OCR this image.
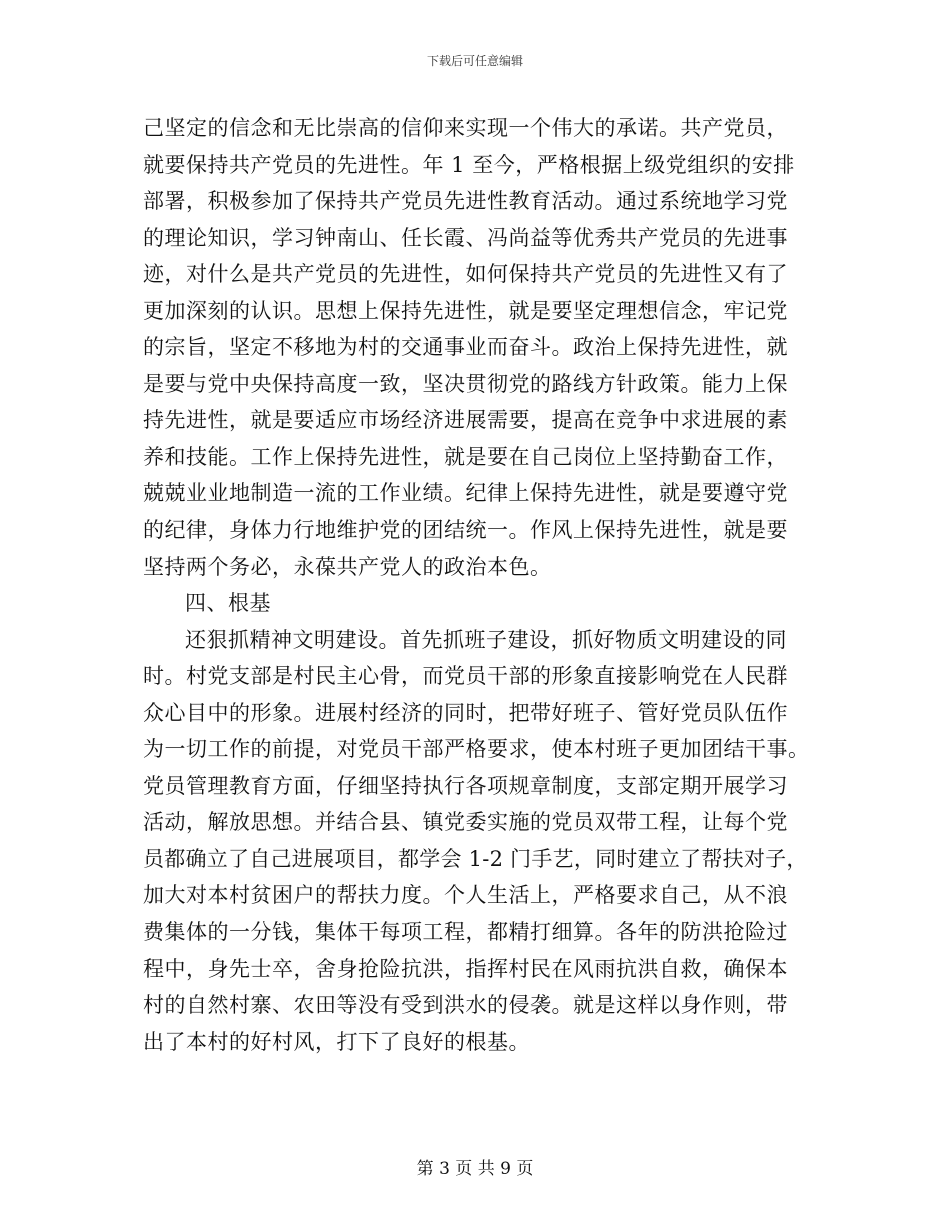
下载后可任意编辑
己坚定的信念和无比崇高的信仰来实现一个伟大的承诺。共产党员，
就要保持共产党员的先进性。年 1 至今，严格根据上级党组织的安排
部署，积极参加了保持共产党员先进性教育活动。通过系统地学习党
的理论知识，学习钟南山、任长霞、冯尚益等优秀共产党员的先进事
迹，对什么是共产党员的先进性，如何保持共产党员的先进性又有了
更加深刻的认识。思想上保持先进性，就是要坚定理想信念，牢记党
的宗旨，坚定不移地为村的交通事业而奋斗。政治上保持先进性，就
是要与党中央保持高度一致，坚决贯彻党的路线方针政策。能力上保
持先进性，就是要适应市场经济进展需要，提高在竞争中求进展的素
养和技能。工作上保持先进性，就是要在自己岗位上坚持勤奋工作，
兢兢业业地制造一流的工作业绩。纪律上保持先进性，就是要遵守党
的纪律，身体力行地维护党的团结统一。作风上保持先进性，就是要
坚持两个务必，永葆共产党人的政治本色。
四、根基
还狠抓精神文明建设。首先抓班子建设，抓好物质文明建设的同
时。村党支部是村民主心骨，而党员干部的形象直接影响党在人民群
众心目中的形象。进展村经济的同时，把带好班子、管好党员队伍作
为一切工作的前提，对党员干部严格要求，使本村班子更加团结干事。
党员管理教育方面，仔细坚持执行各项规章制度，支部定期开展学习
活动，解放思想。并结合县、镇党委实施的党员双带工程，让每个党
员都确立了自己进展项目，都学会 1-2 门手艺，同时建立了帮扶对子，
加大对本村贫困户的帮扶力度。个人生活上，严格要求自己，从不浪
费集体的一分钱，集体干每项工程，都精打细算。各年的防洪抢险过
程中，身先士卒，舍身抢险抗洪，指挥村民在风雨抗洪自救，确保本
村的自然村寨、农田等没有受到洪水的侵袭。就是这样以身作则，带
出了本村的好村风，打下了良好的根基。
第 3 页 共 9 页
